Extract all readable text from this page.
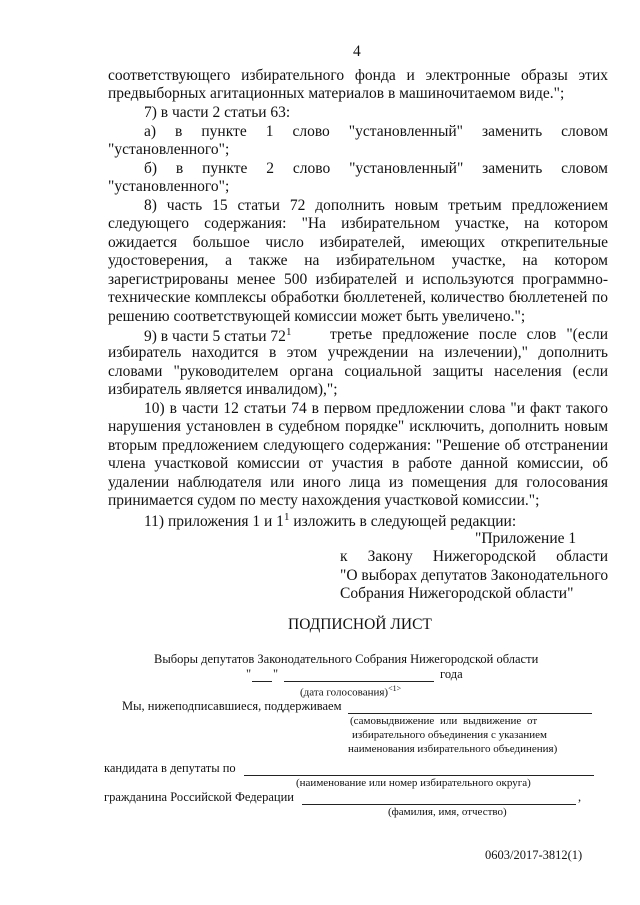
4
соответствующего избирательного фонда и электронные образы этих
предвыборных агитационных материалов в машиночитаемом виде.";
7) в части 2 статьи 63:
а) в пункте 1 слово "установленный" заменить словом
"установленного";
б) в пункте 2 слово "установленный" заменить словом
"установленного";
8) часть 15 статьи 72 дополнить новым третьим предложением
следующего содержания: "На избирательном участке, на котором
ожидается большое число избирателей, имеющих открепительные
удостоверения, а также на избирательном участке, на котором
зарегистрированы менее 500 избирателей и используются программно-
технические комплексы обработки бюллетеней, количество бюллетеней по
решению соответствующей комиссии может быть увеличено.";
9) в части 5 статьи $72^1$ третье предложение после слов "(если
избиратель находится в этом учреждении на излечении)," дополнить
словами "руководителем органа социальной защиты населения (если
избиратель является инвалидом),";
10) в части 12 статьи 74 в первом предложении слова "и факт такого
нарушения установлен в судебном порядке" исключить, дополнить новым
вторым предложением следующего содержания: "Решение об отстранении
члена участковой комиссии от участия в работе данной комиссии, об
удалении наблюдателя или иного лица из помещения для голосования
принимается судом по месту нахождения участковой комиссии.";
11) приложения 1 и $1^1$ изложить в следующей редакции:
"Приложение 1
к Закону Нижегородской области
"О выборах депутатов Законодательного
Собрания Нижегородской области"
ПОДПИСНОЙ ЛИСТ
Выборы депутатов Законодательного Собрания Нижегородской области
" "	года
(дата голосования)$^{<1>}$
Мы, нижеподписавшиеся, поддерживаем
(самовыдвижение или выдвижение от
избирательного объединения с указанием
наименования избирательного объединения)
кандидата в депутаты по
(наименование или номер избирательного округа)
гражданина Российской Федерации	,
(фамилия, имя, отчество)
0603/2017-3812(1)
